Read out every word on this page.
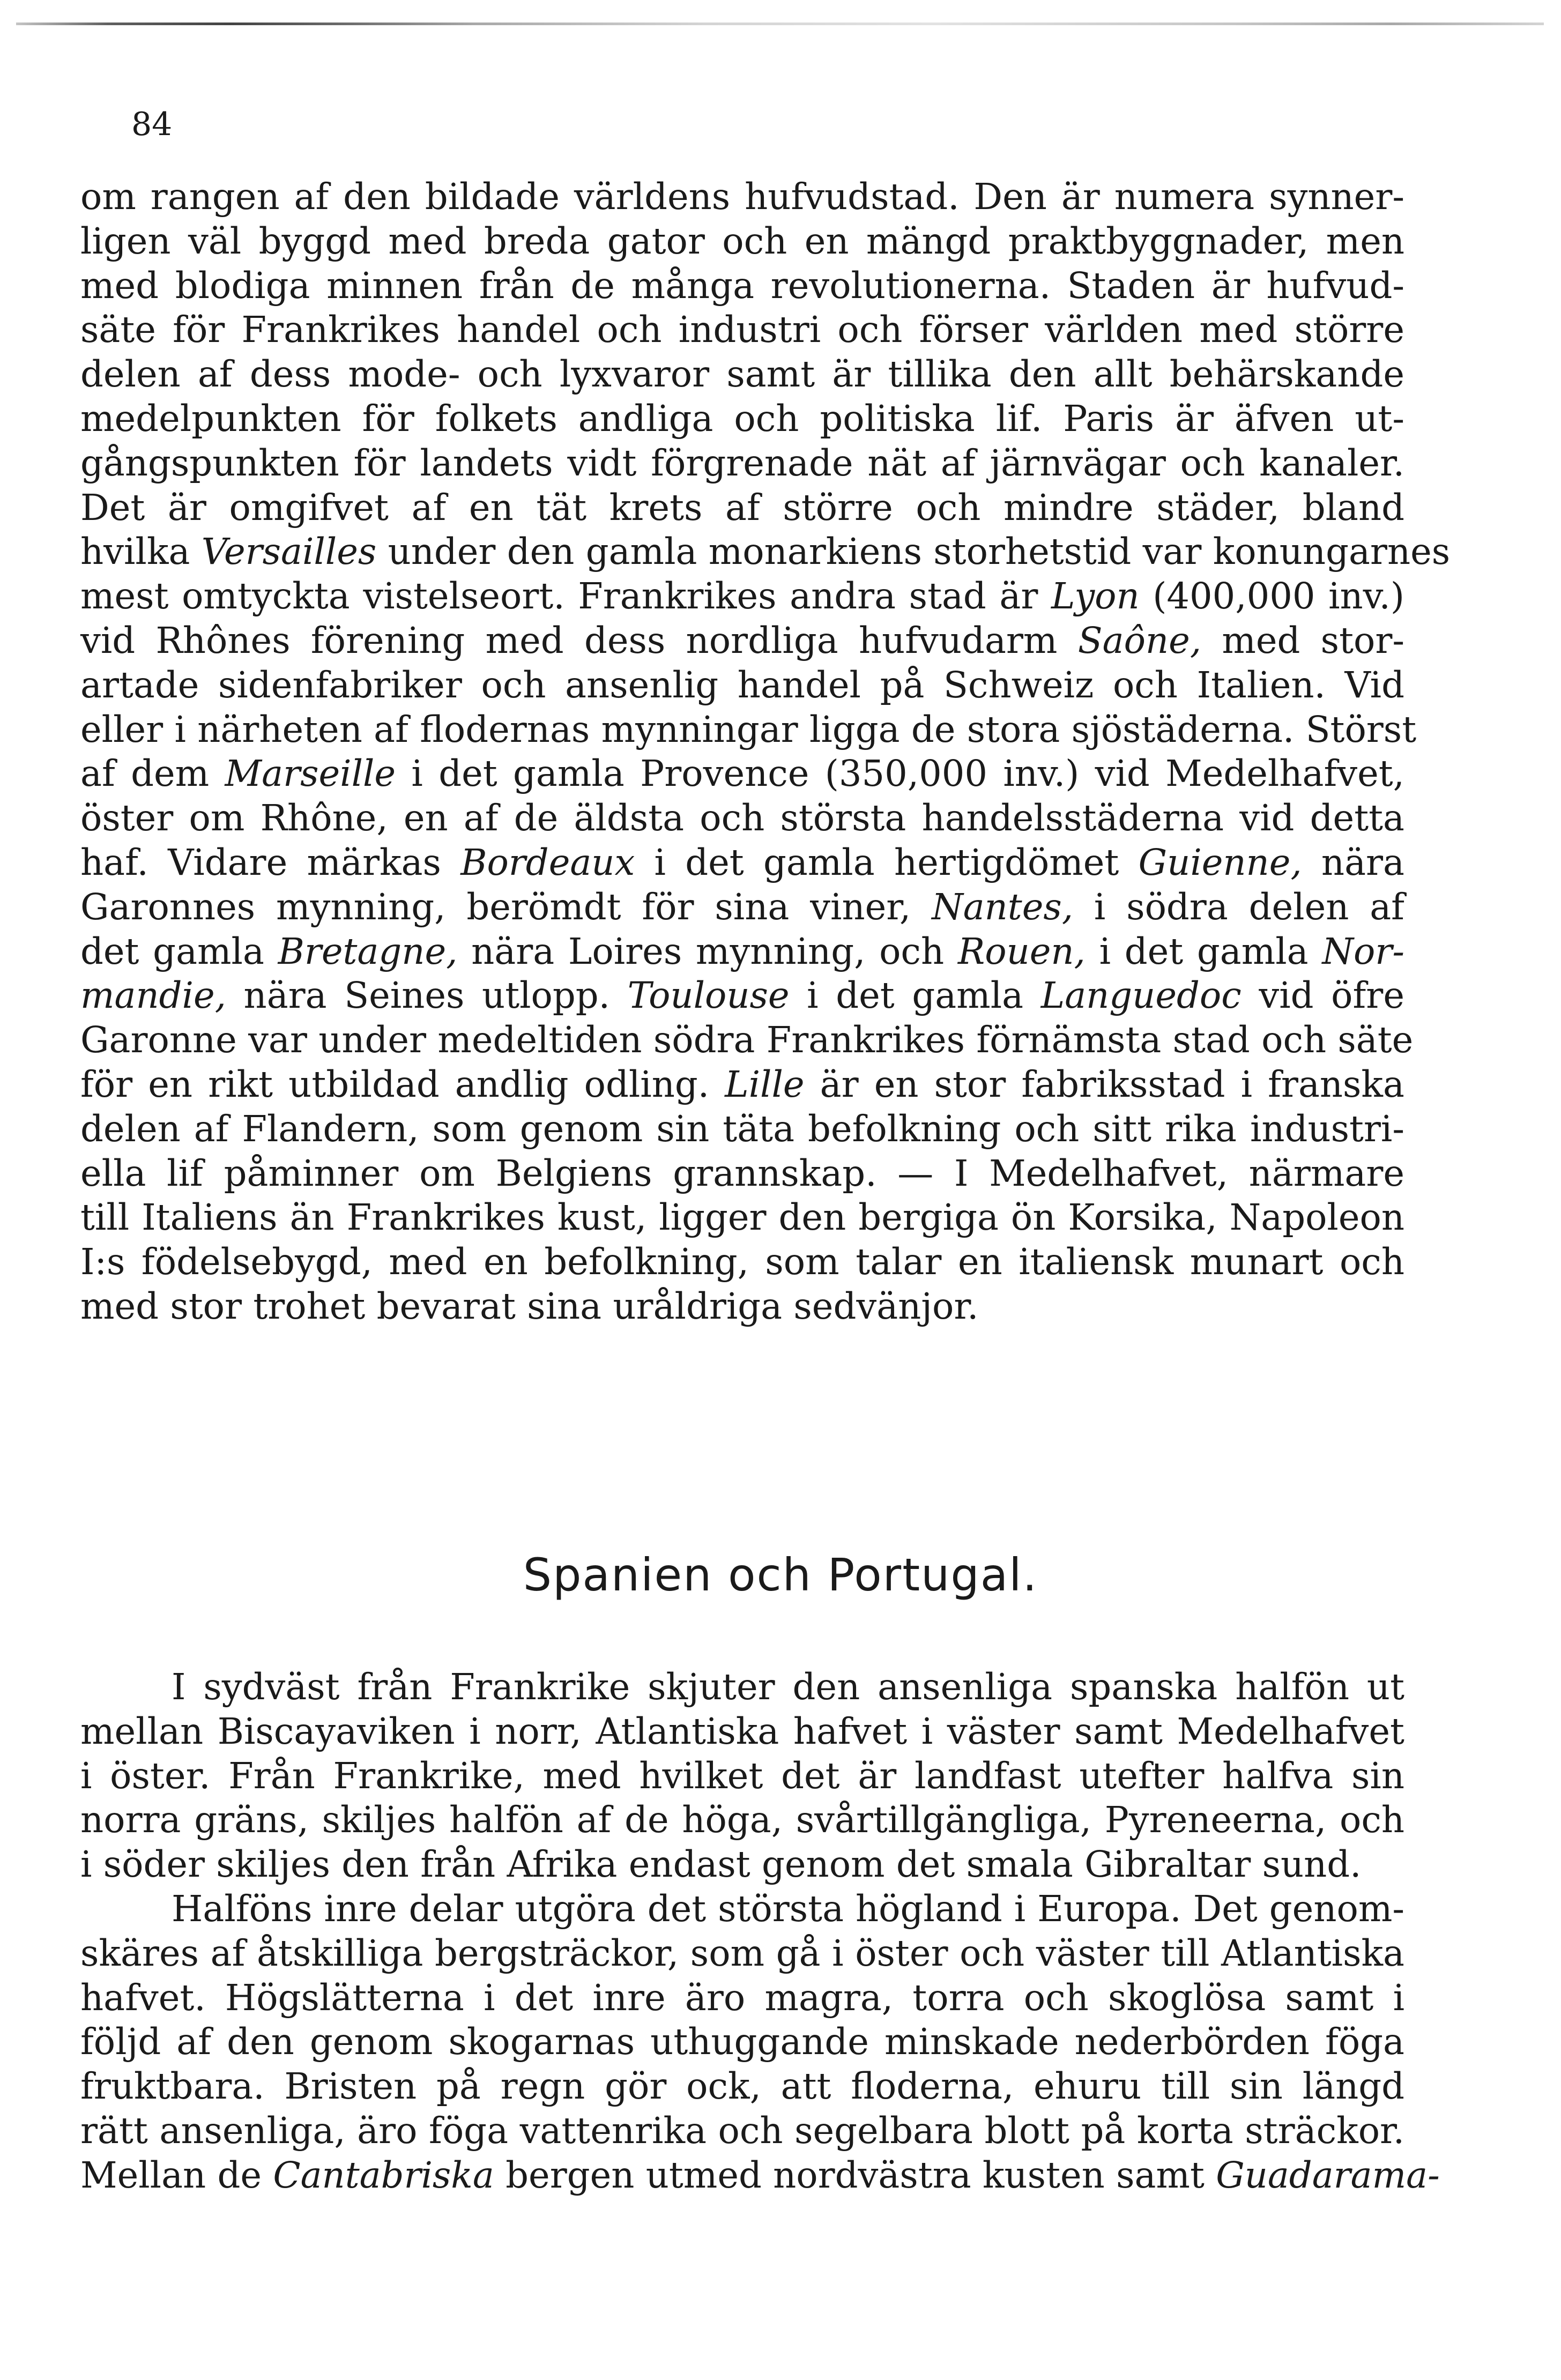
84
om rangen af den bildade världens hufvudstad. Den är numera synner-
ligen väl byggd med breda gator och en mängd praktbyggnader, men
med blodiga minnen från de många revolutionerna. Staden är hufvud-
säte för Frankrikes handel och industri och förser världen med större
delen af dess mode- och lyxvaror samt är tillika den allt behärskande
medelpunkten för folkets andliga och politiska lif. Paris är äfven ut-
gångspunkten för landets vidt förgrenade nät af järnvägar och kanaler.
Det är omgifvet af en tät krets af större och mindre städer, bland
hvilka Versailles under den gamla monarkiens storhetstid var konungarnes
mest omtyckta vistelseort. Frankrikes andra stad är Lyon (400,000 inv.)
vid Rhônes förening med dess nordliga hufvudarm Saône, med stor-
artade sidenfabriker och ansenlig handel på Schweiz och Italien. Vid
eller i närheten af flodernas mynningar ligga de stora sjöstäderna. Störst
af dem Marseille i det gamla Provence (350,000 inv.) vid Medelhafvet,
öster om Rhône, en af de äldsta och största handelsstäderna vid detta
haf. Vidare märkas Bordeaux i det gamla hertigdömet Guienne, nära
Garonnes mynning, berömdt för sina viner, Nantes, i södra delen af
det gamla Bretagne, nära Loires mynning, och Rouen, i det gamla Nor-
mandie, nära Seines utlopp. Toulouse i det gamla Languedoc vid öfre
Garonne var under medeltiden södra Frankrikes förnämsta stad och säte
för en rikt utbildad andlig odling. Lille är en stor fabriksstad i franska
delen af Flandern, som genom sin täta befolkning och sitt rika industri-
ella lif påminner om Belgiens grannskap. — I Medelhafvet, närmare
till Italiens än Frankrikes kust, ligger den bergiga ön Korsika, Napoleon
I:s födelsebygd, med en befolkning, som talar en italiensk munart och
med stor trohet bevarat sina uråldriga sedvänjor.
Spanien och Portugal.
I sydväst från Frankrike skjuter den ansenliga spanska halfön ut
mellan Biscayaviken i norr, Atlantiska hafvet i väster samt Medelhafvet
i öster. Från Frankrike, med hvilket det är landfast utefter halfva sin
norra gräns, skiljes halfön af de höga, svårtillgängliga, Pyreneerna, och
i söder skiljes den från Afrika endast genom det smala Gibraltar sund.
Halföns inre delar utgöra det största högland i Europa. Det genom-
skäres af åtskilliga bergsträckor, som gå i öster och väster till Atlantiska
hafvet. Högslätterna i det inre äro magra, torra och skoglösa samt i
följd af den genom skogarnas uthuggande minskade nederbörden föga
fruktbara. Bristen på regn gör ock, att floderna, ehuru till sin längd
rätt ansenliga, äro föga vattenrika och segelbara blott på korta sträckor.
Mellan de Cantabriska bergen utmed nordvästra kusten samt Guadarama-
